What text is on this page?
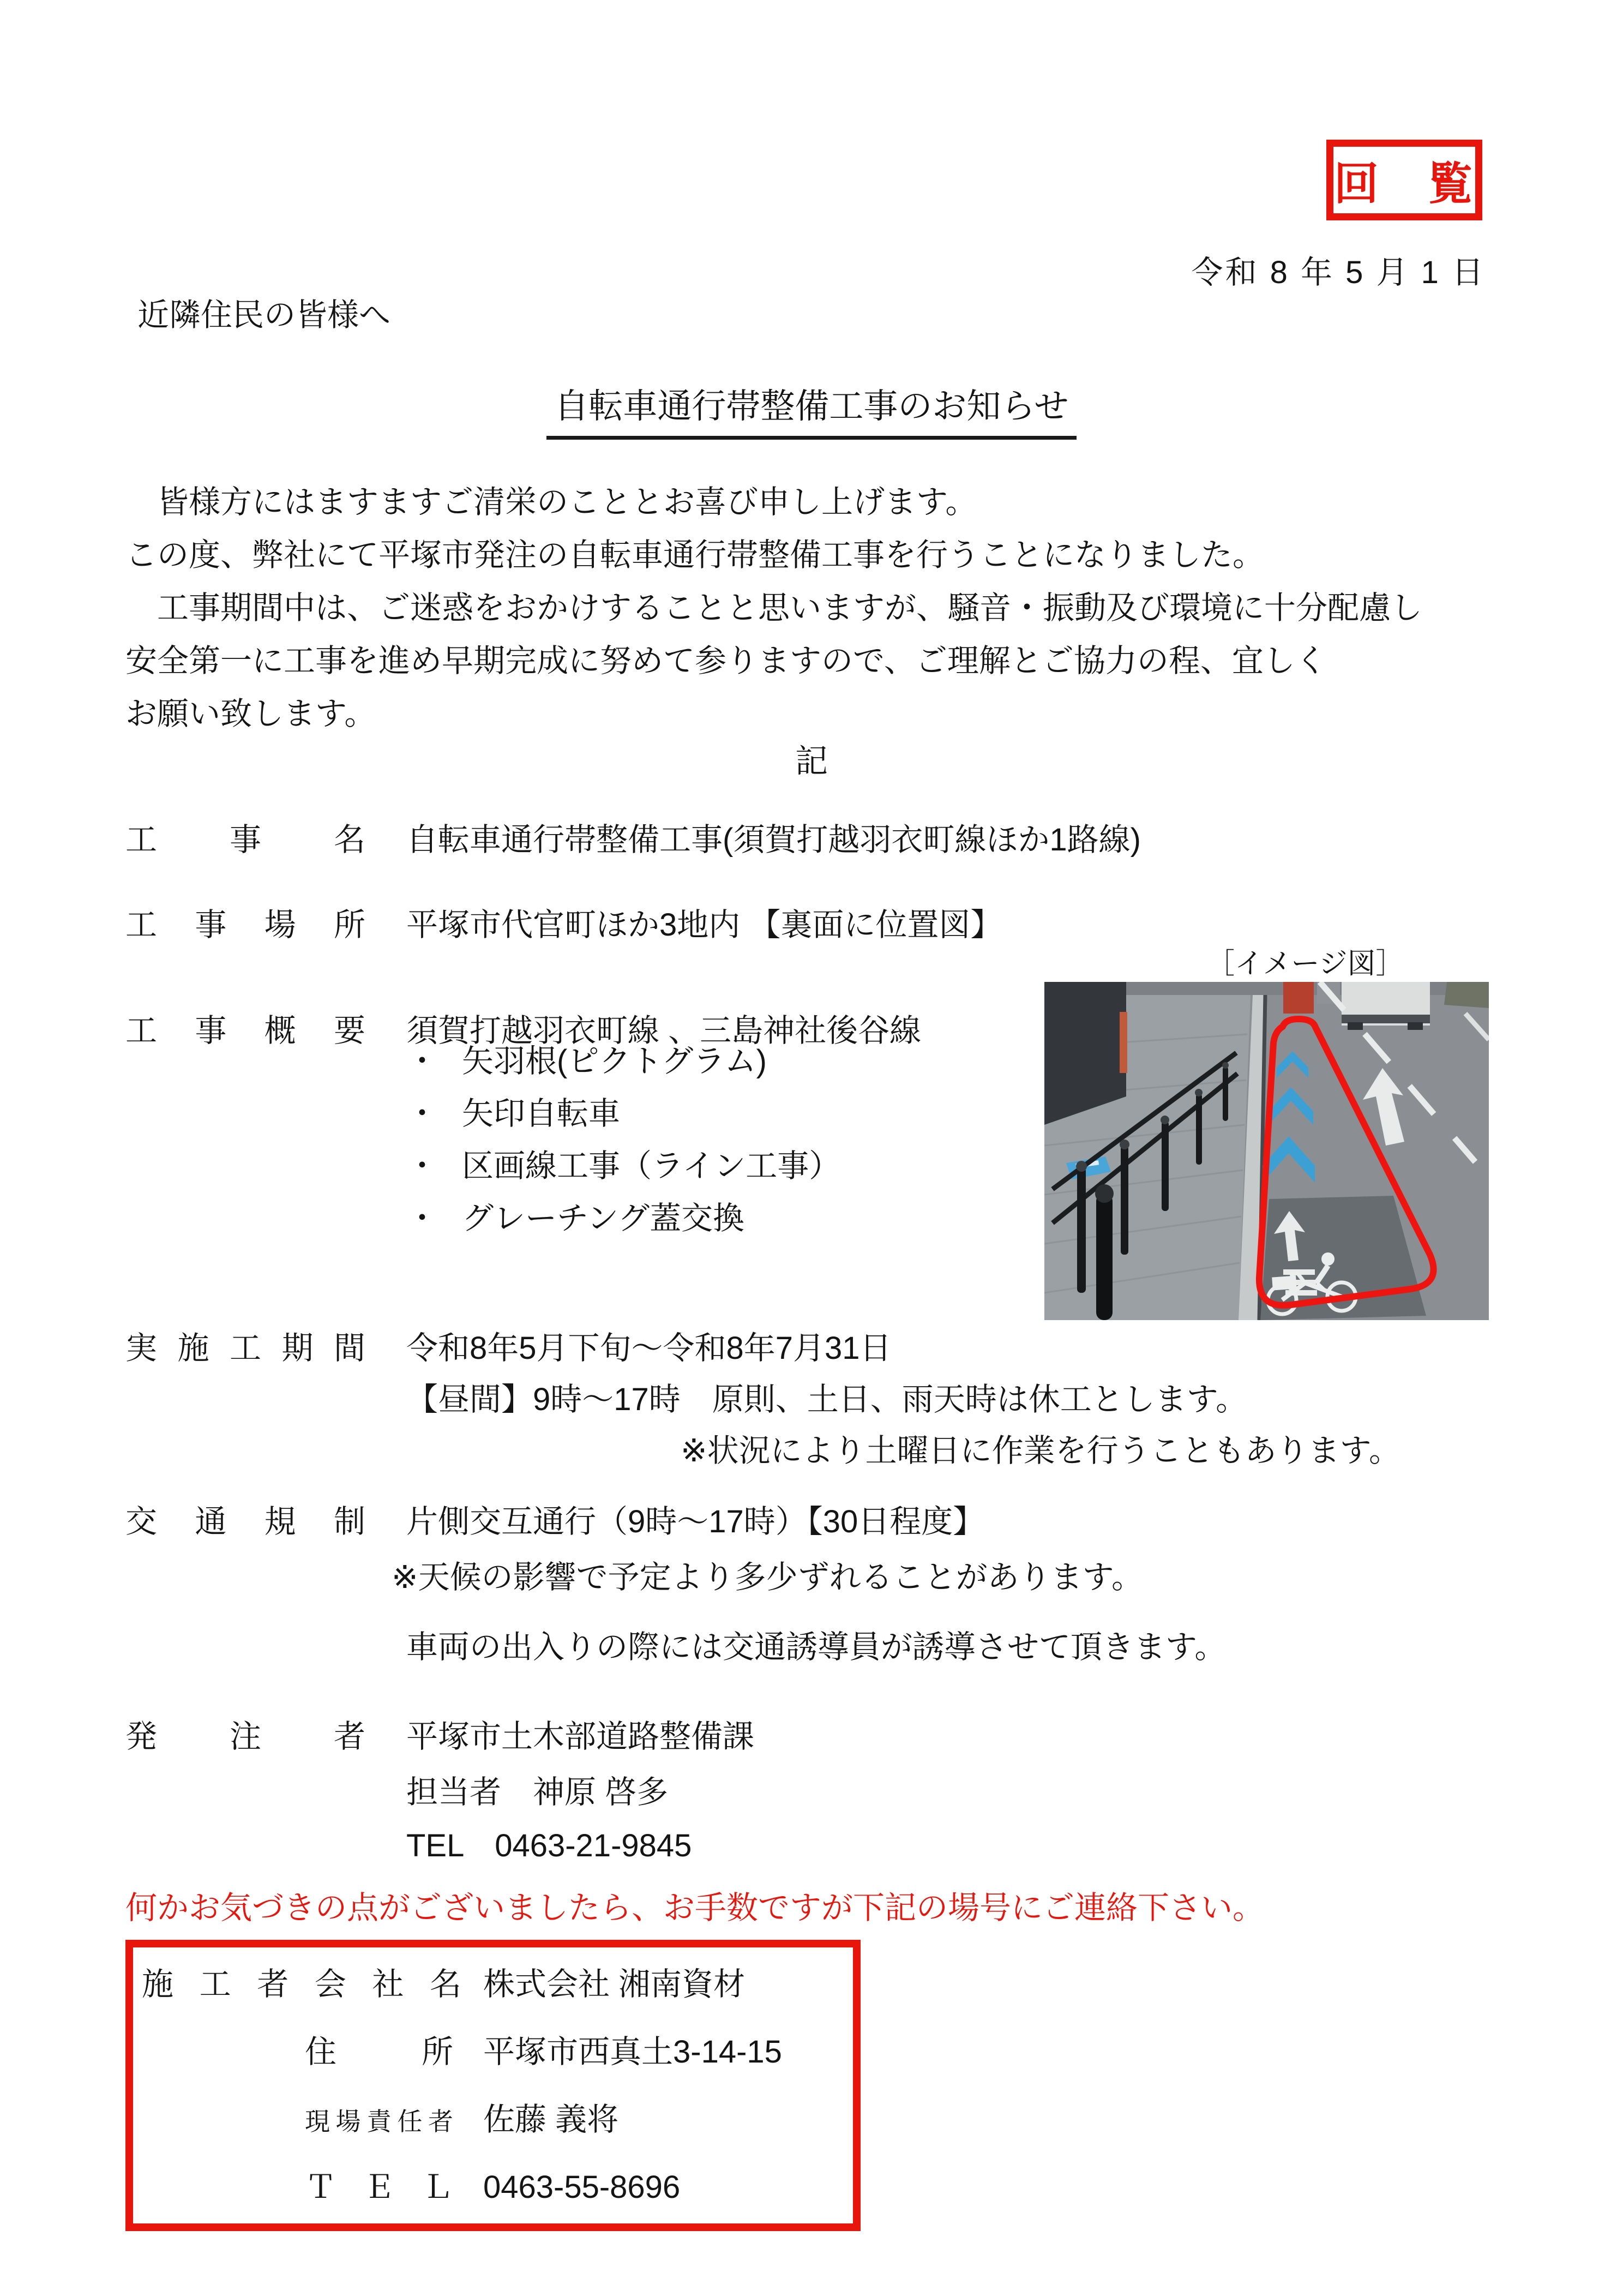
回　覧
令和 8 年 5 月 1 日
近隣住民の皆様へ
自転車通行帯整備工事のお知らせ
　皆様方にはますますご清栄のこととお喜び申し上げます。
この度、弊社にて平塚市発注の自転車通行帯整備工事を行うことになりました。
　工事期間中は、ご迷惑をおかけすることと思いますが、騒音・振動及び環境に十分配慮し
安全第一に工事を進め早期完成に努めて参りますので、ご理解とご協力の程、宜しく
お願い致します。
記
工事名 自転車通行帯整備工事(須賀打越羽衣町線ほか1路線)
工事場所 平塚市代官町ほか3地内 【裏面に位置図】
［イメージ図］
工事概要 須賀打越羽衣町線 、三島神社後谷線
・ 矢羽根(ピクトグラム)
・ 矢印自転車
・ 区画線工事（ライン工事）
・ グレーチング蓋交換
実施工期間 令和8年5月下旬～令和8年7月31日
【昼間】9時～17時　原則、土日、雨天時は休工とします。
※状況により土曜日に作業を行うこともあります。
交通規制 片側交互通行（9時～17時）【30日程度】
※天候の影響で予定より多少ずれることがあります。
車両の出入りの際には交通誘導員が誘導させて頂きます。
発注者 平塚市土木部道路整備課
担当者　神原 啓多
TEL　0463-21-9845
何かお気づきの点がございましたら、お手数ですが下記の場号にご連絡下さい。
施工者会社名 株式会社 湘南資材
住所 平塚市西真土3-14-15
現場責任者 佐藤 義将
ＴＥＬ 0463-55-8696
